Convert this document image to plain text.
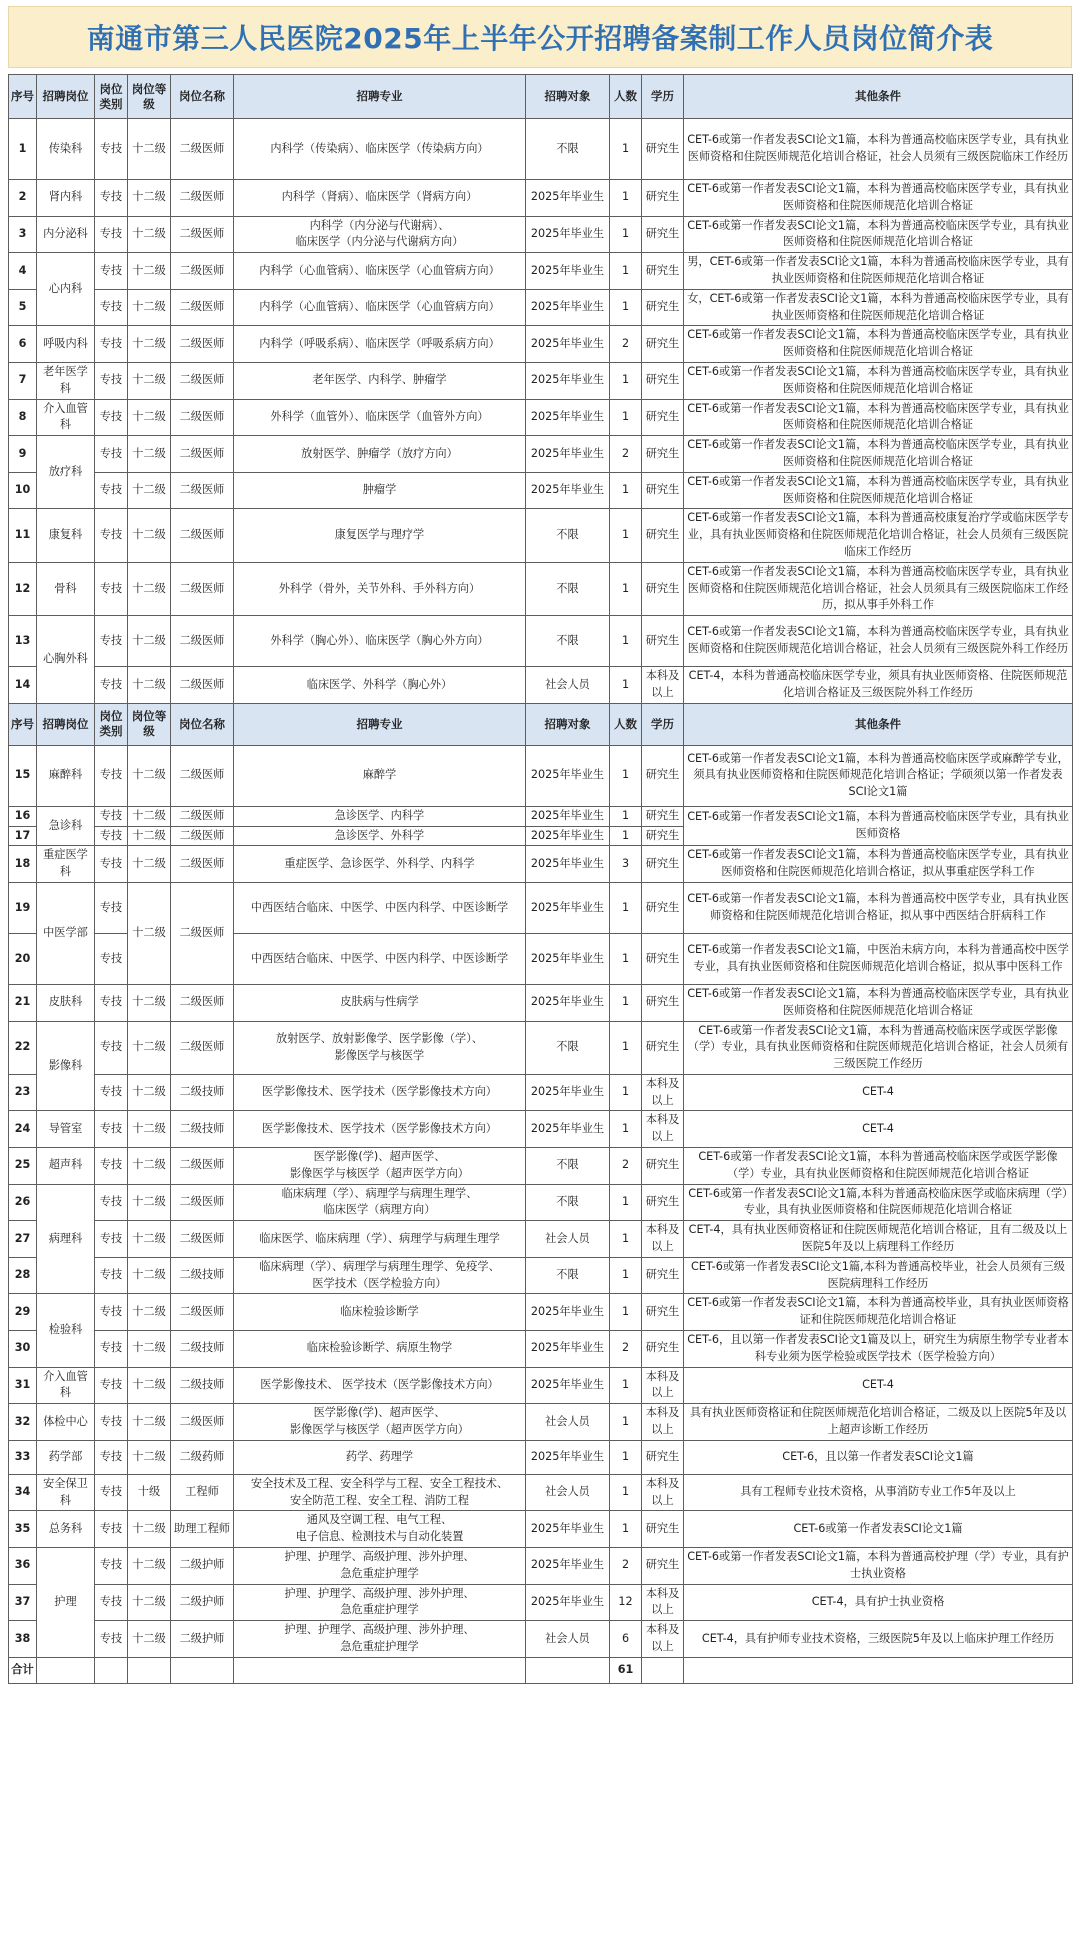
南通市第三人民医院2025年上半年公开招聘备案制工作人员岗位简介表
序号	招聘岗位	岗位类别	岗位等级	岗位名称	招聘专业	招聘对象	人数	学历	其他条件
1	传染科	专技	十二级	二级医师	内科学（传染病）、临床医学（传染病方向）	不限	1	研究生	CET-6或第一作者发表SCI论文1篇，本科为普通高校临床医学专业，具有执业医师资格和住院医师规范化培训合格证，社会人员须有三级医院临床工作经历
2	肾内科	专技	十二级	二级医师	内科学（肾病）、临床医学（肾病方向）	2025年毕业生	1	研究生	CET-6或第一作者发表SCI论文1篇，本科为普通高校临床医学专业，具有执业医师资格和住院医师规范化培训合格证
3	内分泌科	专技	十二级	二级医师	内科学（内分泌与代谢病）、
临床医学（内分泌与代谢病方向）	2025年毕业生	1	研究生	CET-6或第一作者发表SCI论文1篇，本科为普通高校临床医学专业，具有执业医师资格和住院医师规范化培训合格证
4	心内科	专技	十二级	二级医师	内科学（心血管病）、临床医学（心血管病方向）	2025年毕业生	1	研究生	男，CET-6或第一作者发表SCI论文1篇，本科为普通高校临床医学专业，具有执业医师资格和住院医师规范化培训合格证
5		专技	十二级	二级医师	内科学（心血管病）、临床医学（心血管病方向）	2025年毕业生	1	研究生	女，CET-6或第一作者发表SCI论文1篇，本科为普通高校临床医学专业，具有执业医师资格和住院医师规范化培训合格证
6	呼吸内科	专技	十二级	二级医师	内科学（呼吸系病）、临床医学（呼吸系病方向）	2025年毕业生	2	研究生	CET-6或第一作者发表SCI论文1篇，本科为普通高校临床医学专业，具有执业医师资格和住院医师规范化培训合格证
7	老年医学科	专技	十二级	二级医师	老年医学、内科学、肿瘤学	2025年毕业生	1	研究生	CET-6或第一作者发表SCI论文1篇，本科为普通高校临床医学专业，具有执业医师资格和住院医师规范化培训合格证
8	介入血管科	专技	十二级	二级医师	外科学（血管外）、临床医学（血管外方向）	2025年毕业生	1	研究生	CET-6或第一作者发表SCI论文1篇，本科为普通高校临床医学专业，具有执业医师资格和住院医师规范化培训合格证
9	放疗科	专技	十二级	二级医师	放射医学、肿瘤学（放疗方向）	2025年毕业生	2	研究生	CET-6或第一作者发表SCI论文1篇，本科为普通高校临床医学专业，具有执业医师资格和住院医师规范化培训合格证
10		专技	十二级	二级医师	肿瘤学	2025年毕业生	1	研究生	CET-6或第一作者发表SCI论文1篇，本科为普通高校临床医学专业，具有执业医师资格和住院医师规范化培训合格证
11	康复科	专技	十二级	二级医师	康复医学与理疗学	不限	1	研究生	CET-6或第一作者发表SCI论文1篇，本科为普通高校康复治疗学或临床医学专业，具有执业医师资格和住院医师规范化培训合格证，社会人员须有三级医院临床工作经历
12	骨科	专技	十二级	二级医师	外科学（骨外，关节外科、手外科方向）	不限	1	研究生	CET-6或第一作者发表SCI论文1篇，本科为普通高校临床医学专业，具有执业医师资格和住院医师规范化培训合格证，社会人员须具有三级医院临床工作经历，拟从事手外科工作
13	心胸外科	专技	十二级	二级医师	外科学（胸心外）、临床医学（胸心外方向）	不限	1	研究生	CET-6或第一作者发表SCI论文1篇，本科为普通高校临床医学专业，具有执业医师资格和住院医师规范化培训合格证，社会人员须有三级医院外科工作经历
14		专技	十二级	二级医师	临床医学、外科学（胸心外）	社会人员	1	本科及以上	CET-4，本科为普通高校临床医学专业，须具有执业医师资格、住院医师规范化培训合格证及三级医院外科工作经历
序号	招聘岗位	岗位类别	岗位等级	岗位名称	招聘专业	招聘对象	人数	学历	其他条件
15	麻醉科	专技	十二级	二级医师	麻醉学	2025年毕业生	1	研究生	CET-6或第一作者发表SCI论文1篇，本科为普通高校临床医学或麻醉学专业，须具有执业医师资格和住院医师规范化培训合格证；学硕须以第一作者发表SCI论文1篇
16	急诊科	专技	十二级	二级医师	急诊医学、内科学	2025年毕业生	1	研究生	CET-6或第一作者发表SCI论文1篇，本科为普通高校临床医学专业，具有执业医师资格
17		专技	十二级	二级医师	急诊医学、外科学	2025年毕业生	1	研究生	
18	重症医学科	专技	十二级	二级医师	重症医学、急诊医学、外科学、内科学	2025年毕业生	3	研究生	CET-6或第一作者发表SCI论文1篇，本科为普通高校临床医学专业，具有执业医师资格和住院医师规范化培训合格证，拟从事重症医学科工作
19	中医学部	专技	十二级	二级医师	中西医结合临床、中医学、中医内科学、中医诊断学	2025年毕业生	1	研究生	CET-6或第一作者发表SCI论文1篇，本科为普通高校中医学专业，具有执业医师资格和住院医师规范化培训合格证，拟从事中西医结合肝病科工作
20		专技			中西医结合临床、中医学、中医内科学、中医诊断学	2025年毕业生	1	研究生	CET-6或第一作者发表SCI论文1篇，中医治未病方向，本科为普通高校中医学专业，具有执业医师资格和住院医师规范化培训合格证，拟从事中医科工作
21	皮肤科	专技	十二级	二级医师	皮肤病与性病学	2025年毕业生	1	研究生	CET-6或第一作者发表SCI论文1篇，本科为普通高校临床医学专业，具有执业医师资格和住院医师规范化培训合格证
22	影像科	专技	十二级	二级医师	放射医学、放射影像学、医学影像（学）、
影像医学与核医学	不限	1	研究生	CET-6或第一作者发表SCI论文1篇，本科为普通高校临床医学或医学影像（学）专业，具有执业医师资格和住院医师规范化培训合格证，社会人员须有三级医院工作经历
23		专技	十二级	二级技师	医学影像技术、医学技术（医学影像技术方向）	2025年毕业生	1	本科及以上	CET-4
24	导管室	专技	十二级	二级技师	医学影像技术、医学技术（医学影像技术方向）	2025年毕业生	1	本科及以上	CET-4
25	超声科	专技	十二级	二级医师	医学影像(学)、超声医学、
影像医学与核医学（超声医学方向）	不限	2	研究生	CET-6或第一作者发表SCI论文1篇，本科为普通高校临床医学或医学影像（学）专业，具有执业医师资格和住院医师规范化培训合格证
26	病理科	专技	十二级	二级医师	临床病理（学）、病理学与病理生理学、
临床医学（病理方向）	不限	1	研究生	CET-6或第一作者发表SCI论文1篇,本科为普通高校临床医学或临床病理（学）专业，具有执业医师资格和住院医师规范化培训合格证
27		专技	十二级	二级医师	临床医学、临床病理（学）、病理学与病理生理学	社会人员	1	本科及以上	CET-4，具有执业医师资格证和住院医师规范化培训合格证，且有二级及以上医院5年及以上病理科工作经历
28		专技	十二级	二级技师	临床病理（学）、病理学与病理生理学、免疫学、
医学技术（医学检验方向）	不限	1	研究生	CET-6或第一作者发表SCI论文1篇,本科为普通高校毕业，社会人员须有三级医院病理科工作经历
29	检验科	专技	十二级	二级医师	临床检验诊断学	2025年毕业生	1	研究生	CET-6或第一作者发表SCI论文1篇，本科为普通高校毕业，具有执业医师资格证和住院医师规范化培训合格证
30		专技	十二级	二级技师	临床检验诊断学、病原生物学	2025年毕业生	2	研究生	CET-6，且以第一作者发表SCI论文1篇及以上，研究生为病原生物学专业者本科专业须为医学检验或医学技术（医学检验方向）
31	介入血管科	专技	十二级	二级技师	医学影像技术、 医学技术（医学影像技术方向）	2025年毕业生	1	本科及以上	CET-4
32	体检中心	专技	十二级	二级医师	医学影像(学)、超声医学、
影像医学与核医学（超声医学方向）	社会人员	1	本科及以上	具有执业医师资格证和住院医师规范化培训合格证，二级及以上医院5年及以上超声诊断工作经历
33	药学部	专技	十二级	二级药师	药学、药理学	2025年毕业生	1	研究生	CET-6，且以第一作者发表SCI论文1篇
34	安全保卫科	专技	十级	工程师	安全技术及工程、安全科学与工程、安全工程技术、
安全防范工程、安全工程、消防工程	社会人员	1	本科及以上	具有工程师专业技术资格，从事消防专业工作5年及以上
35	总务科	专技	十二级	助理工程师	通风及空调工程、电气工程、
电子信息、检测技术与自动化装置	2025年毕业生	1	研究生	CET-6或第一作者发表SCI论文1篇
36	护理	专技	十二级	二级护师	护理、护理学、高级护理、涉外护理、
急危重症护理学	2025年毕业生	2	研究生	CET-6或第一作者发表SCI论文1篇，本科为普通高校护理（学）专业，具有护士执业资格
37		专技	十二级	二级护师	护理、护理学、高级护理、涉外护理、
急危重症护理学	2025年毕业生	12	本科及以上	CET-4，具有护士执业资格
38		专技	十二级	二级护师	护理、护理学、高级护理、涉外护理、
急危重症护理学	社会人员	6	本科及以上	CET-4，具有护师专业技术资格，三级医院5年及以上临床护理工作经历
合计							61		
